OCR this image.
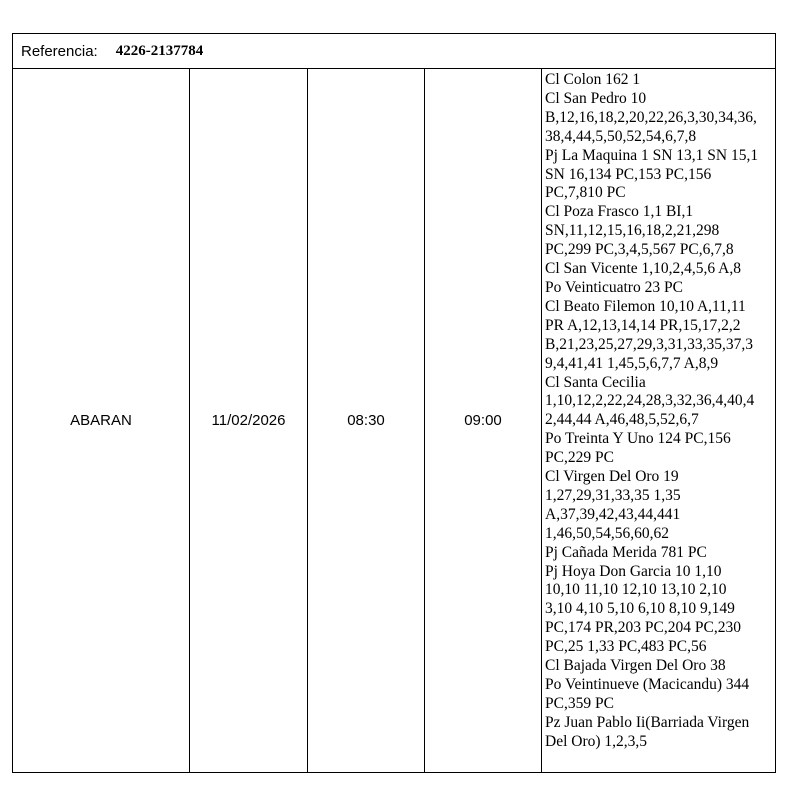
Referencia: 4226-2137784
ABARAN	11/02/2026	08:30	09:00
Cl Colon 162 1
Cl San Pedro 10
B,12,16,18,2,20,22,26,3,30,34,36,
38,4,44,5,50,52,54,6,7,8
Pj La Maquina 1 SN 13,1 SN 15,1
SN 16,134 PC,153 PC,156
PC,7,810 PC
Cl Poza Frasco 1,1 BI,1
SN,11,12,15,16,18,2,21,298
PC,299 PC,3,4,5,567 PC,6,7,8
Cl San Vicente 1,10,2,4,5,6 A,8
Po Veinticuatro 23 PC
Cl Beato Filemon 10,10 A,11,11
PR A,12,13,14,14 PR,15,17,2,2
B,21,23,25,27,29,3,31,33,35,37,3
9,4,41,41 1,45,5,6,7,7 A,8,9
Cl Santa Cecilia
1,10,12,2,22,24,28,3,32,36,4,40,4
2,44,44 A,46,48,5,52,6,7
Po Treinta Y Uno 124 PC,156
PC,229 PC
Cl Virgen Del Oro 19
1,27,29,31,33,35 1,35
A,37,39,42,43,44,441
1,46,50,54,56,60,62
Pj Cañada Merida 781 PC
Pj Hoya Don Garcia 10 1,10
10,10 11,10 12,10 13,10 2,10
3,10 4,10 5,10 6,10 8,10 9,149
PC,174 PR,203 PC,204 PC,230
PC,25 1,33 PC,483 PC,56
Cl Bajada Virgen Del Oro 38
Po Veintinueve (Macicandu) 344
PC,359 PC
Pz Juan Pablo Ii(Barriada Virgen
Del Oro) 1,2,3,5
